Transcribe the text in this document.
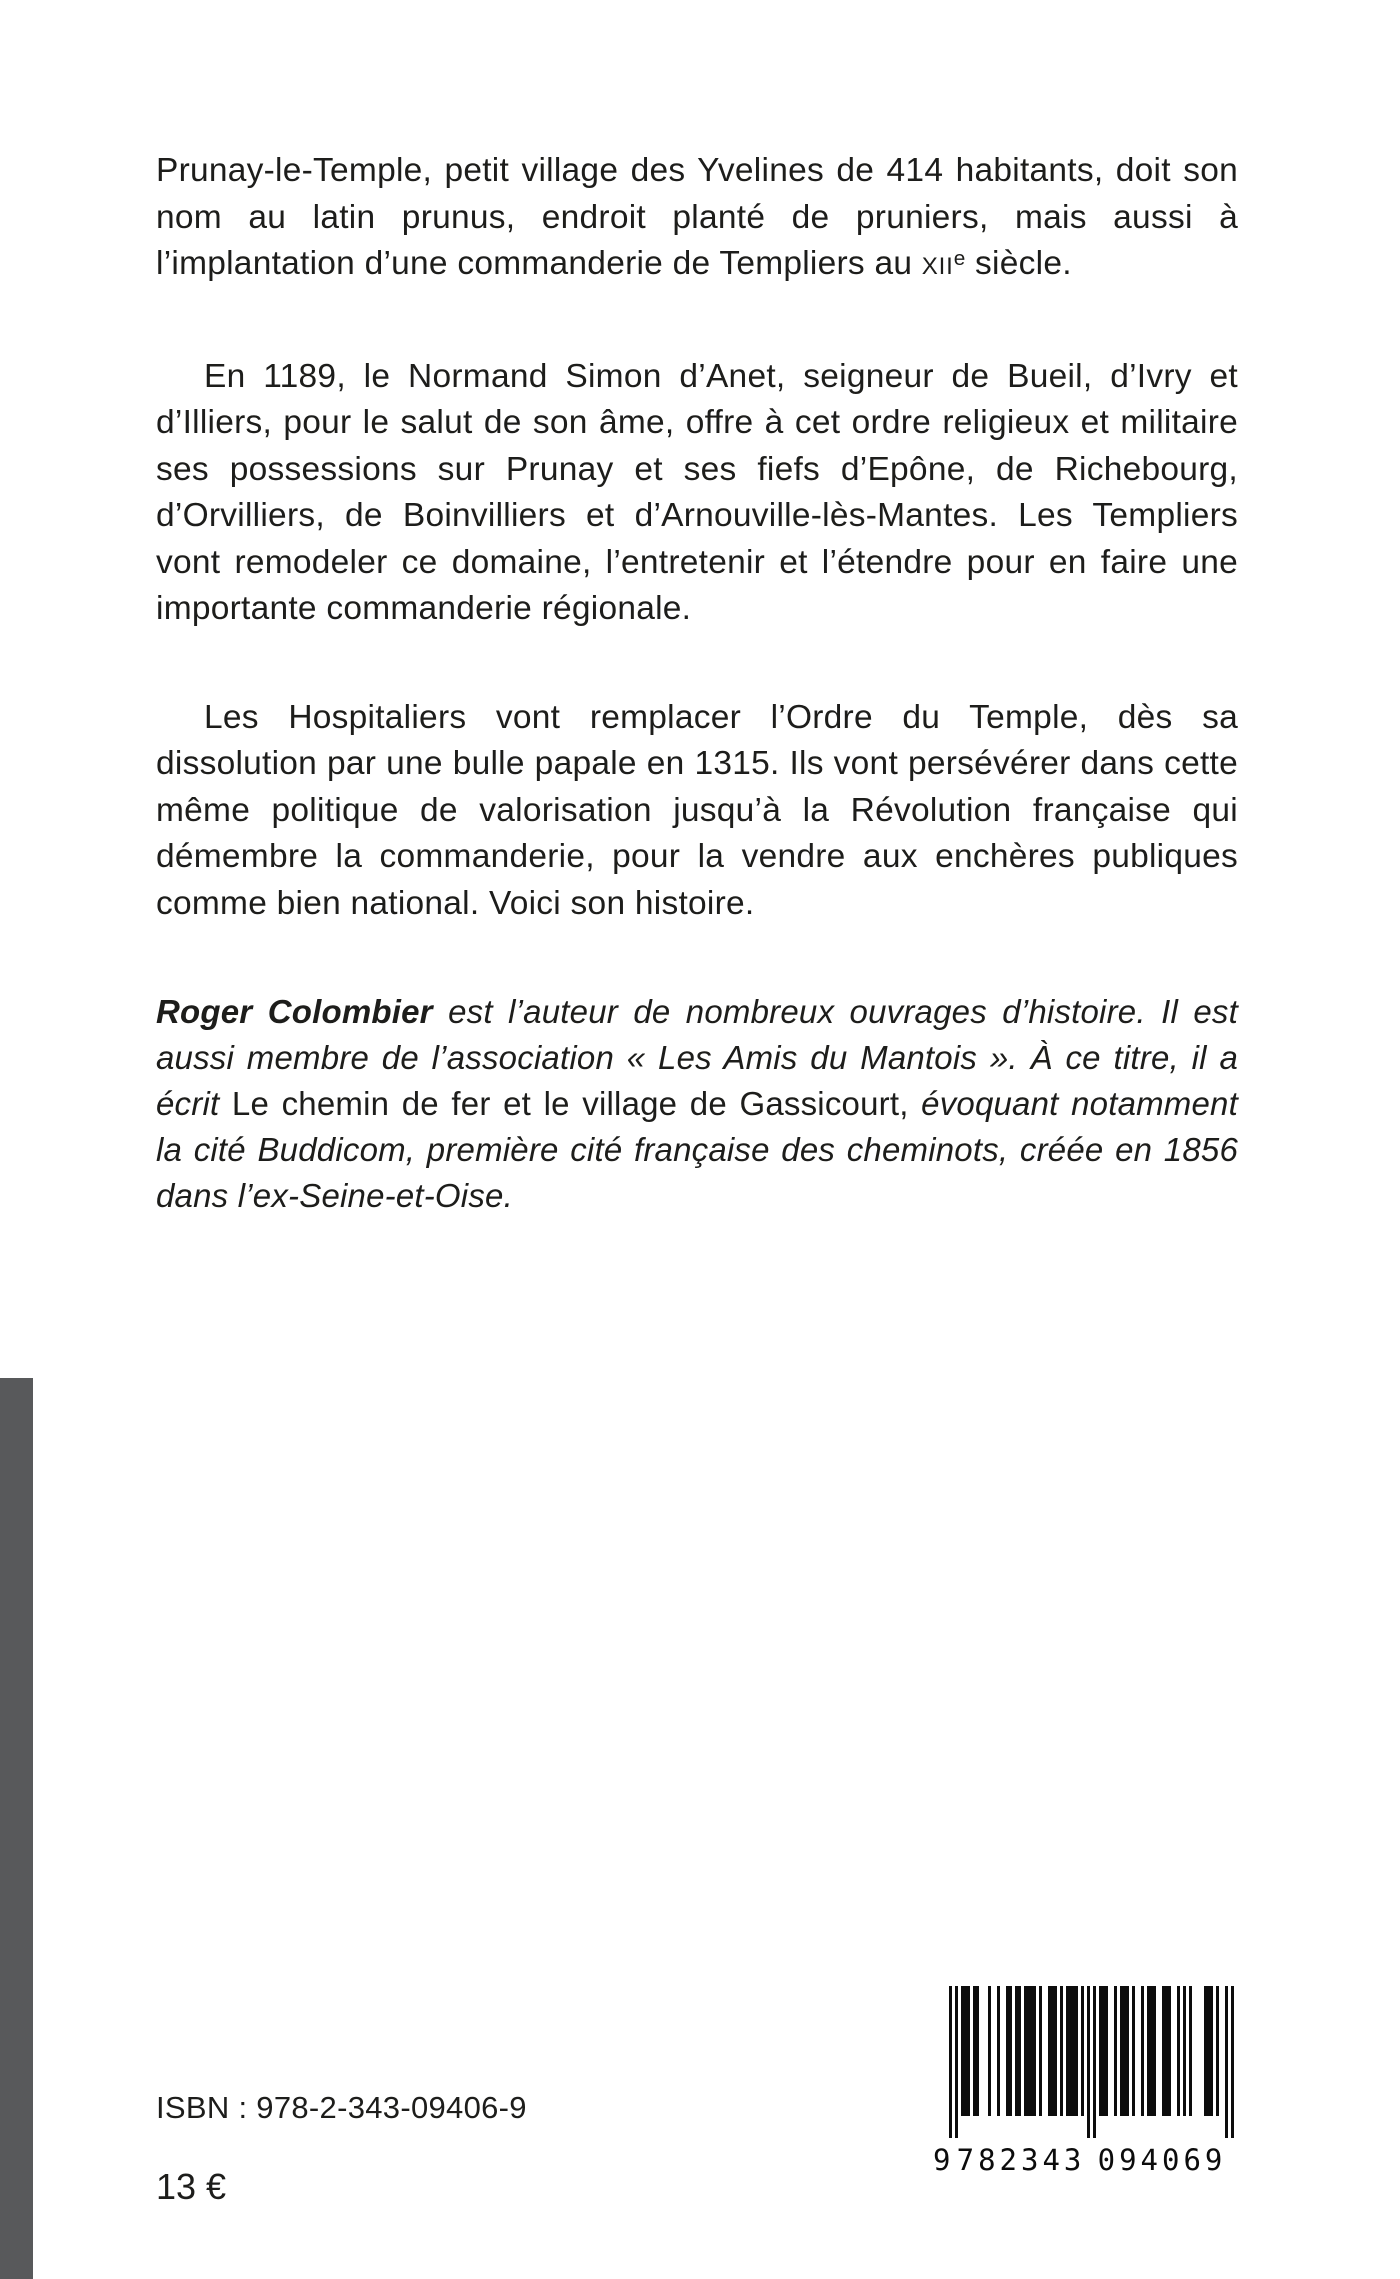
Prunay-le-Temple, petit village des Yvelines de 414 habitants, doit son nom au latin prunus, endroit planté de pruniers, mais aussi à l’implantation d’une commanderie de Templiers au XIIe siècle.

En 1189, le Normand Simon d’Anet, seigneur de Bueil, d’Ivry et d’Illiers, pour le salut de son âme, offre à cet ordre religieux et militaire ses possessions sur Prunay et ses fiefs d’Epône, de Richebourg, d’Orvilliers, de Boinvilliers et d’Arnouville-lès-Mantes. Les Templiers vont remodeler ce domaine, l’entretenir et l’étendre pour en faire une importante commanderie régionale.

Les Hospitaliers vont remplacer l’Ordre du Temple, dès sa dissolution par une bulle papale en 1315. Ils vont persévérer dans cette même politique de valorisation jusqu’à la Révolution française qui démembre la commanderie, pour la vendre aux enchères publiques comme bien national. Voici son histoire.

Roger Colombier est l’auteur de nombreux ouvrages d’histoire. Il est aussi membre de l’association « Les Amis du Mantois ». À ce titre, il a écrit Le chemin de fer et le village de Gassicourt, évoquant notamment la cité Buddicom, première cité française des cheminots, créée en 1856 dans l’ex-Seine-et-Oise.

ISBN : 978-2-343-09406-9
13 €
9 782343 094069
